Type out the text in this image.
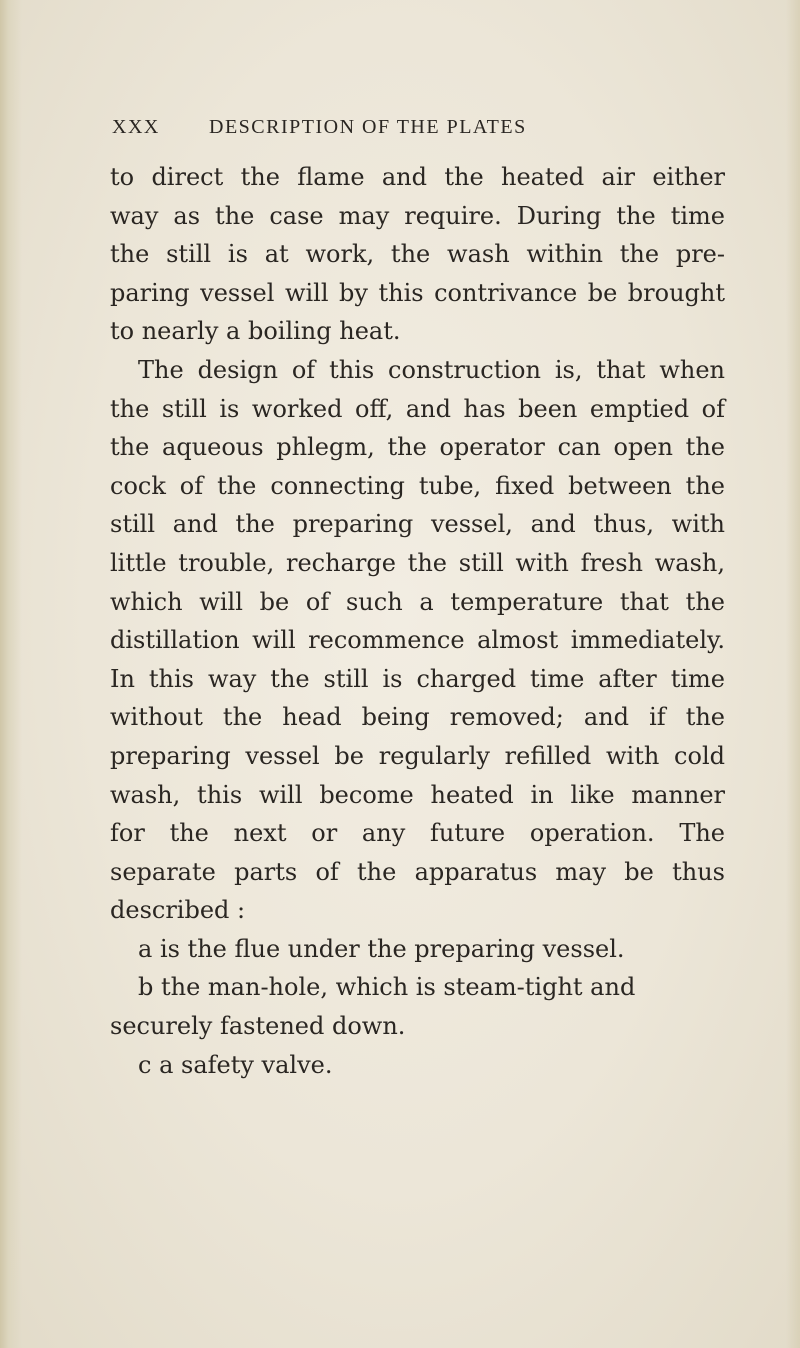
XXX DESCRIPTION OF THE PLATES
to direct the flame and the heated air either
way as the case may require. During the time
the still is at work, the wash within the pre-
paring vessel will by this contrivance be brought
to nearly a boiling heat.
The design of this construction is, that when
the still is worked off, and has been emptied of
the aqueous phlegm, the operator can open the
cock of the connecting tube, fixed between the
still and the preparing vessel, and thus, with
little trouble, recharge the still with fresh wash,
which will be of such a temperature that the
distillation will recommence almost immediately.
In this way the still is charged time after time
without the head being removed; and if the
preparing vessel be regularly refilled with cold
wash, this will become heated in like manner
for the next or any future operation. The
separate parts of the apparatus may be thus
described :
a is the flue under the preparing vessel.
b the man-hole, which is steam-tight and
securely fastened down.
c a safety valve.
